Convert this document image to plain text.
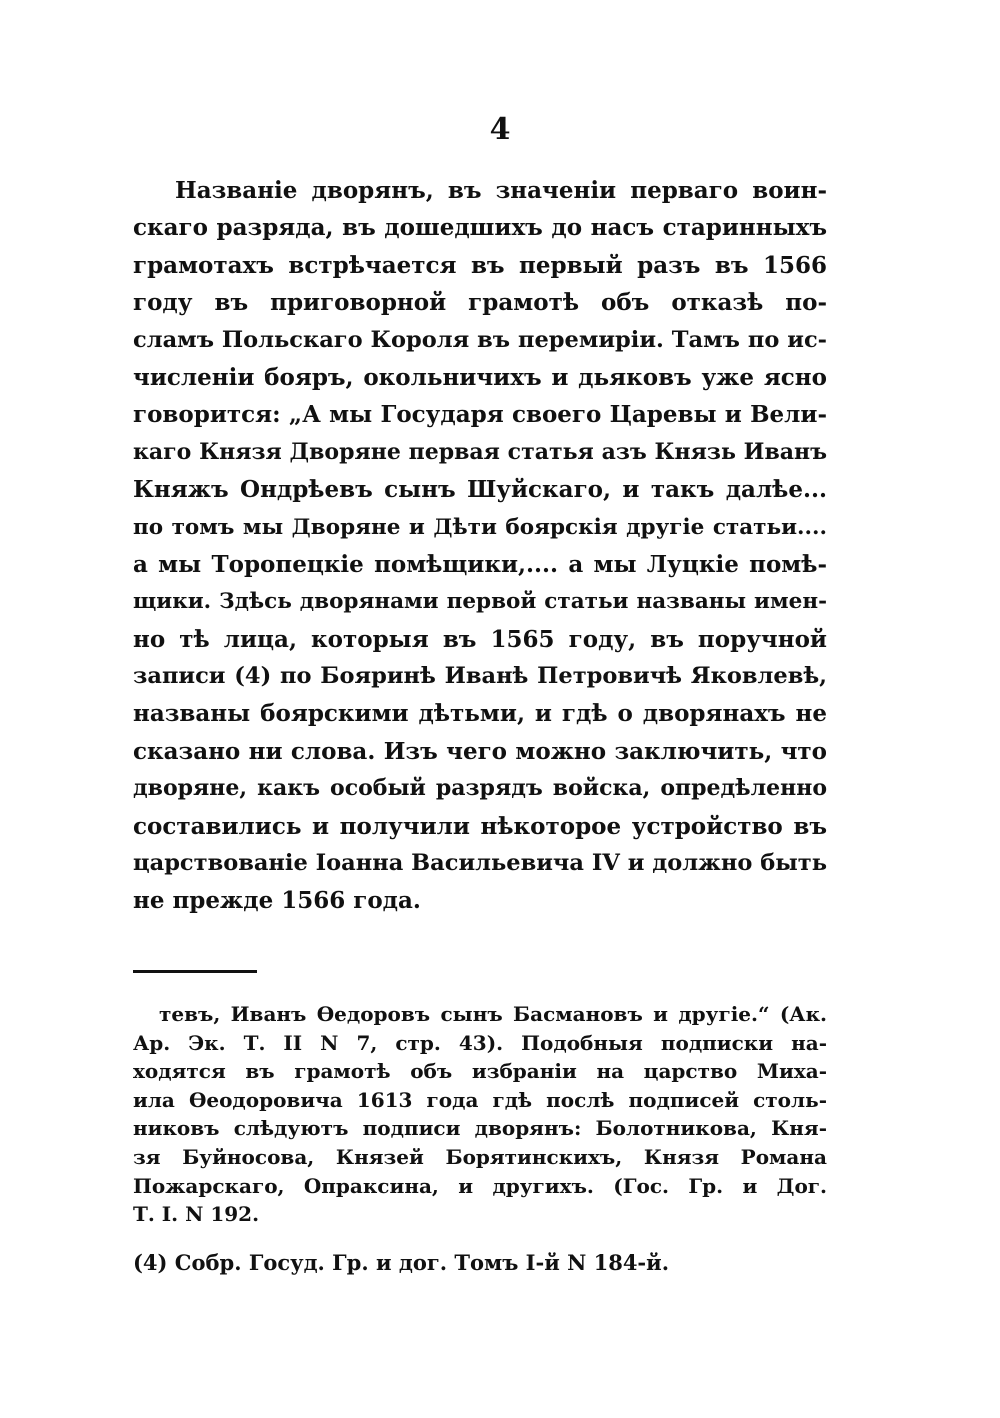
4
Названіе дворянъ, въ значеніи перваго воин-
скаго разряда, въ дошедшихъ до насъ старинныхъ
грамотахъ встрѣчается въ первый разъ въ 1566
году въ приговорной грамотѣ объ отказѣ по-
сламъ Польскаго Короля въ перемиріи. Тамъ по ис-
численіи бояръ, окольничихъ и дьяковъ уже ясно
говорится: „А мы Государя своего Царевы и Вели-
каго Князя Дворяне первая статья азъ Князь Иванъ
Княжъ Ондрѣевъ сынъ Шуйскаго, и такъ далѣе...
по томъ мы Дворяне и Дѣти боярскія другіе статьи....
а мы Торопецкіе помѣщики,.... а мы Луцкіе помѣ-
щики. Здѣсь дворянами первой статьи названы имен-
но тѣ лица, которыя въ 1565 году, въ поручной
записи (4) по Бояринѣ Иванѣ Петровичѣ Яковлевѣ,
названы боярскими дѣтьми, и гдѣ о дворянахъ не
сказано ни слова. Изъ чего можно заключить, что
дворяне, какъ особый разрядъ войска, опредѣленно
составились и получили нѣкоторое устройство въ
царствованіе Іоанна Васильевича IV и должно быть
не прежде 1566 года.
тевъ, Иванъ Ѳедоровъ сынъ Басмановъ и другіе.“ (Ак.
Ар. Эк. Т. II N 7, стр. 43). Подобныя подписки на-
ходятся въ грамотѣ объ избраніи на царство Миха-
ила Ѳеодоровича 1613 года гдѣ послѣ подписей столь-
никовъ слѣдуютъ подписи дворянъ: Болотникова, Кня-
зя Буйносова, Князей Борятинскихъ, Князя Романа
Пожарскаго, Опраксина, и другихъ. (Гос. Гр. и Дог.
Т. I. N 192.
(4) Собр. Госуд. Гр. и дог. Томъ I-й N 184-й.
